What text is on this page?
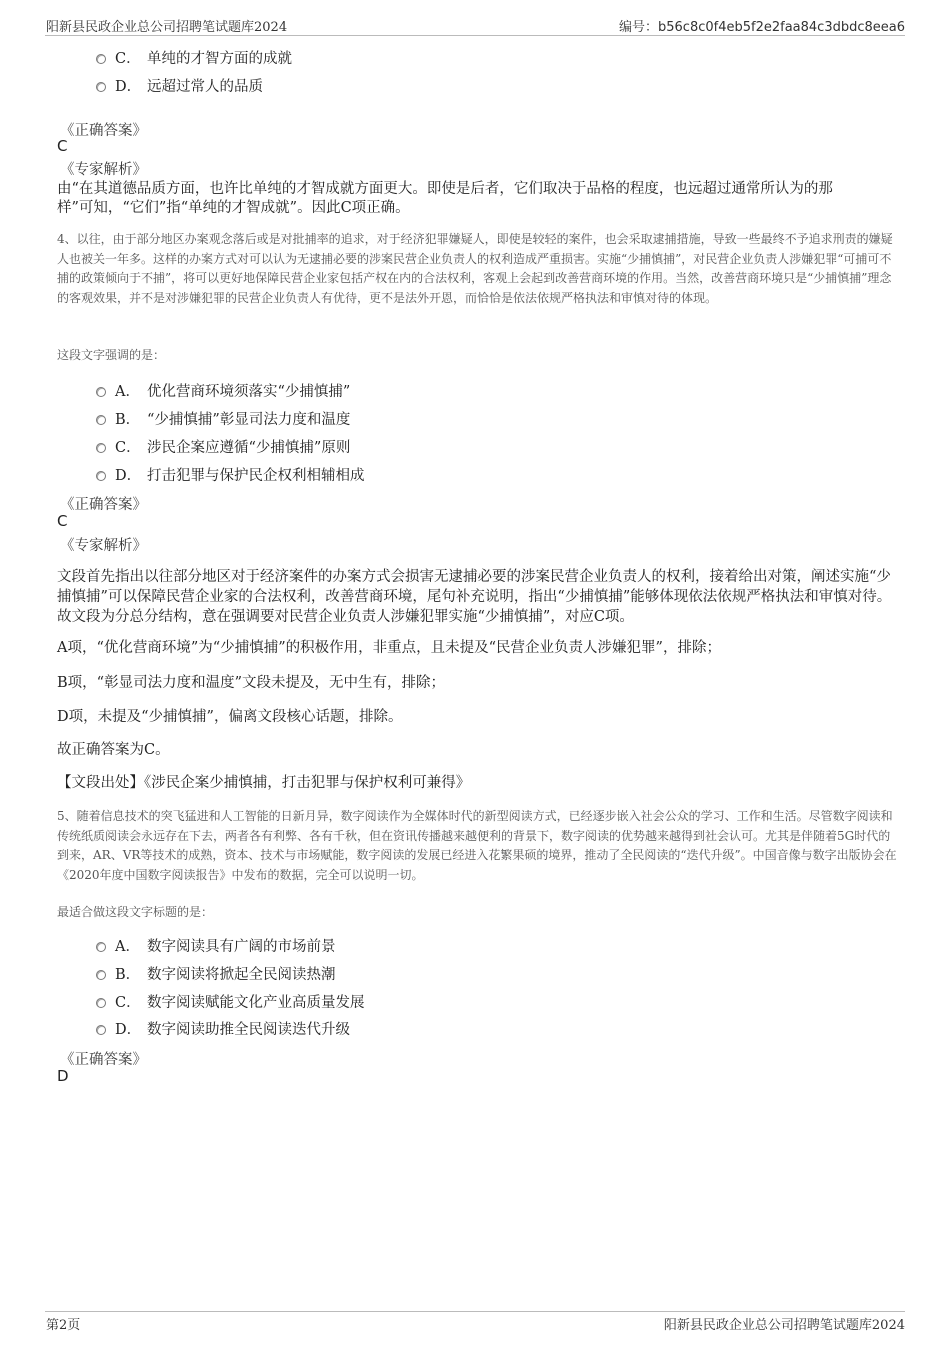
阳新县民政企业总公司招聘笔试题库2024	编号：b56c8c0f4eb5f2e2faa84c3dbdc8eea6
C． 单纯的才智方面的成就
D． 远超过常人的品质
《正确答案》
C
《专家解析》
由“在其道德品质方面，也许比单纯的才智成就方面更大。即使是后者，它们取决于品格的程度，也远超过通常所认为的那
样”可知，“它们”指“单纯的才智成就”。因此C项正确。
4、以往，由于部分地区办案观念落后或是对批捕率的追求，对于经济犯罪嫌疑人，即使是较轻的案件，也会采取逮捕措施，导致一些最终不予追求刑责的嫌疑人也被关一年多。这样的办案方式对可以认为无逮捕必要的涉案民营企业负责人的权利造成严重损害。实施“少捕慎捕”，对民营企业负责人涉嫌犯罪“可捕可不捕的政策倾向于不捕”，将可以更好地保障民营企业家包括产权在内的合法权利，客观上会起到改善营商环境的作用。当然，改善营商环境只是“少捕慎捕”理念的客观效果，并不是对涉嫌犯罪的民营企业负责人有优待，更不是法外开恩，而恰恰是依法依规严格执法和审慎对待的体现。
这段文字强调的是：
A． 优化营商环境须落实“少捕慎捕”
B． “少捕慎捕”彰显司法力度和温度
C． 涉民企案应遵循“少捕慎捕”原则
D． 打击犯罪与保护民企权利相辅相成
《正确答案》
C
《专家解析》
文段首先指出以往部分地区对于经济案件的办案方式会损害无逮捕必要的涉案民营企业负责人的权利，接着给出对策，阐述实施“少捕慎捕”可以保障民营企业家的合法权利，改善营商环境，尾句补充说明，指出“少捕慎捕”能够体现依法依规严格执法和审慎对待。故文段为分总分结构，意在强调要对民营企业负责人涉嫌犯罪实施“少捕慎捕”，对应C项。
A项，“优化营商环境”为“少捕慎捕”的积极作用，非重点，且未提及“民营企业负责人涉嫌犯罪”，排除；
B项，“彰显司法力度和温度”文段未提及，无中生有，排除；
D项，未提及“少捕慎捕”，偏离文段核心话题，排除。
故正确答案为C。
【文段出处】《涉民企案少捕慎捕，打击犯罪与保护权利可兼得》
5、随着信息技术的突飞猛进和人工智能的日新月异，数字阅读作为全媒体时代的新型阅读方式，已经逐步嵌入社会公众的学习、工作和生活。尽管数字阅读和传统纸质阅读会永远存在下去，两者各有利弊、各有千秋，但在资讯传播越来越便利的背景下，数字阅读的优势越来越得到社会认可。尤其是伴随着5G时代的到来，AR、VR等技术的成熟，资本、技术与市场赋能，数字阅读的发展已经进入花繁果硕的境界，推动了全民阅读的“迭代升级”。中国音像与数字出版协会在《2020年度中国数字阅读报告》中发布的数据，完全可以说明一切。
最适合做这段文字标题的是：
A． 数字阅读具有广阔的市场前景
B． 数字阅读将掀起全民阅读热潮
C． 数字阅读赋能文化产业高质量发展
D． 数字阅读助推全民阅读迭代升级
《正确答案》
D
第2页	阳新县民政企业总公司招聘笔试题库2024
